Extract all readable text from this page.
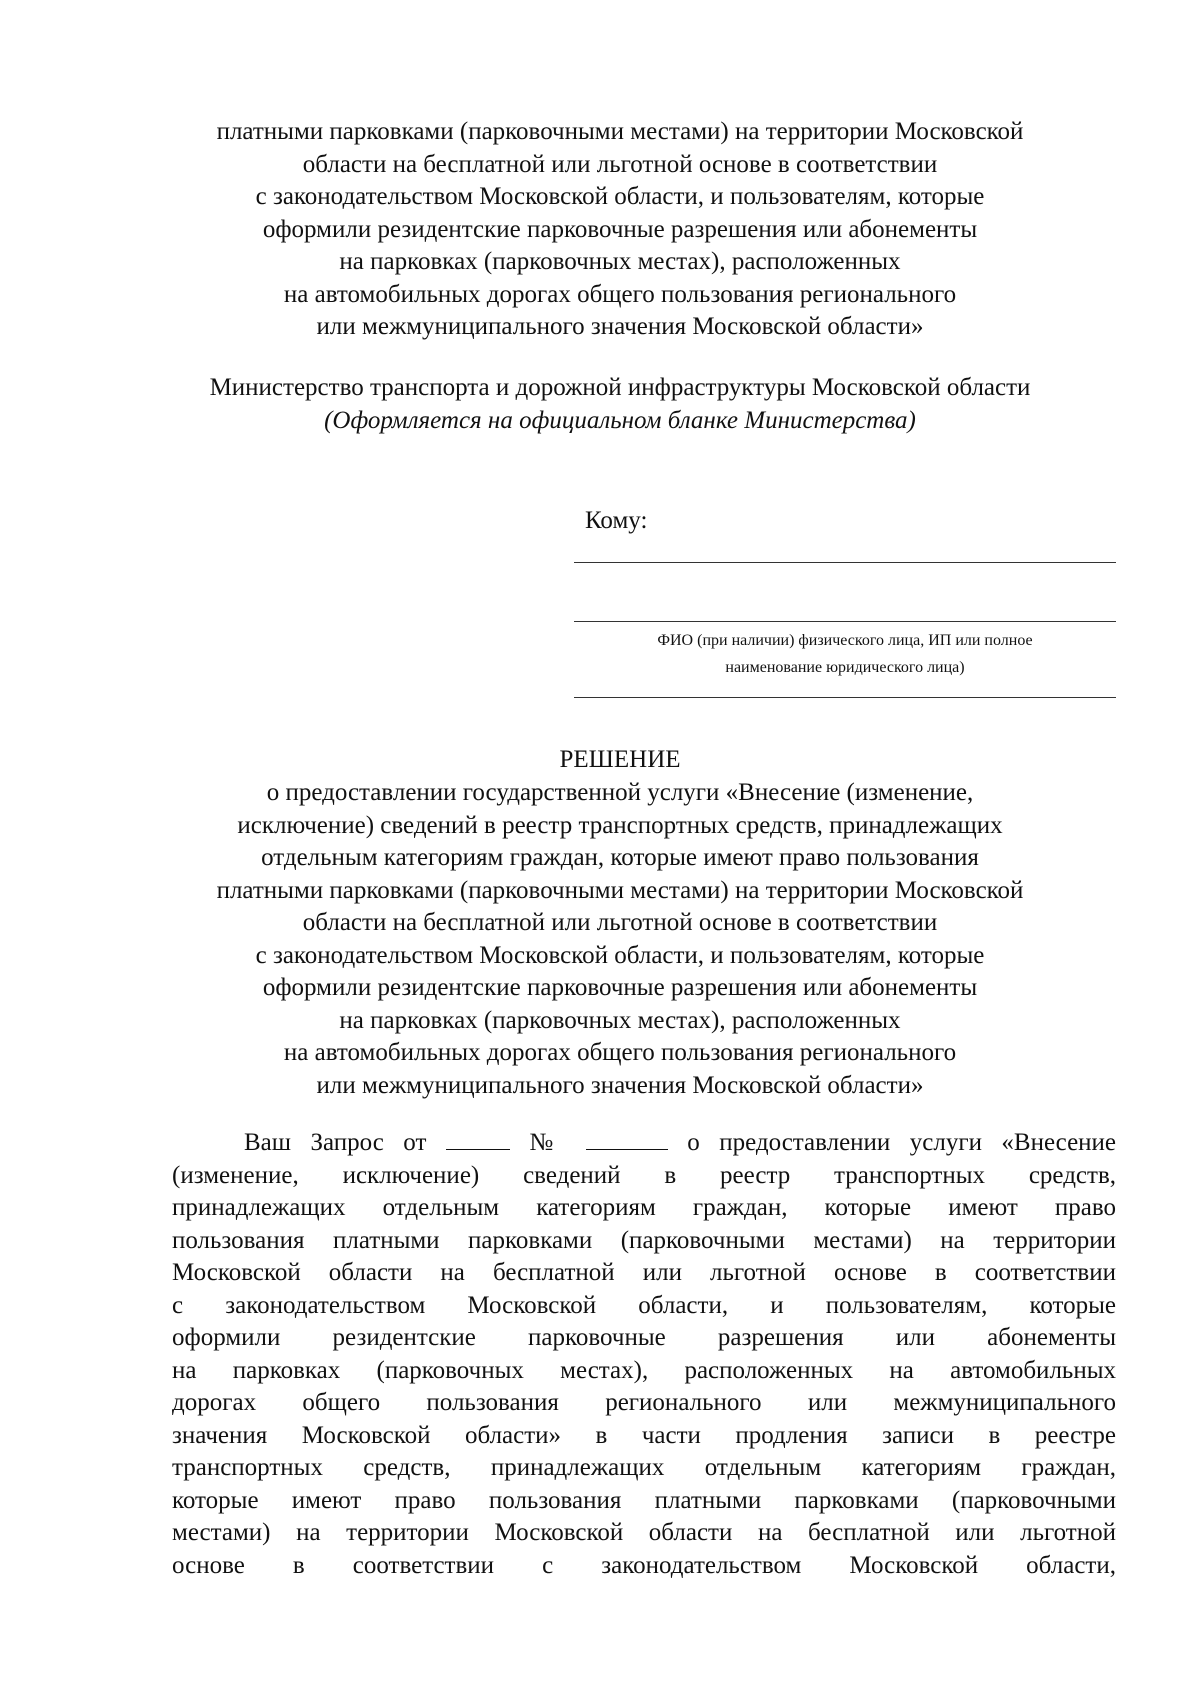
платными парковками (парковочными местами) на территории Московской
области на бесплатной или льготной основе в соответствии
с законодательством Московской области, и пользователям, которые
оформили резидентские парковочные разрешения или абонементы
на парковках (парковочных местах), расположенных
на автомобильных дорогах общего пользования регионального
или межмуниципального значения Московской области»
Министерство транспорта и дорожной инфраструктуры Московской области
(Оформляется на официальном бланке Министерства)
Кому:
ФИО (при наличии) физического лица, ИП или полное
наименование юридического лица)
РЕШЕНИЕ
о предоставлении государственной услуги «Внесение (изменение,
исключение) сведений в реестр транспортных средств, принадлежащих
отдельным категориям граждан, которые имеют право пользования
платными парковками (парковочными местами) на территории Московской
области на бесплатной или льготной основе в соответствии
с законодательством Московской области, и пользователям, которые
оформили резидентские парковочные разрешения или абонементы
на парковках (парковочных местах), расположенных
на автомобильных дорогах общего пользования регионального
или межмуниципального значения Московской области»
Ваш Запрос от	№	о предоставлении услуги «Внесение
(изменение, исключение) сведений в реестр транспортных средств,
принадлежащих отдельным категориям граждан, которые имеют право
пользования платными парковками (парковочными местами) на территории
Московской области на бесплатной или льготной основе в соответствии
с законодательством Московской области, и пользователям, которые
оформили резидентские парковочные разрешения или абонементы
на парковках (парковочных местах), расположенных на автомобильных
дорогах общего пользования регионального или межмуниципального
значения Московской области» в части продления записи в реестре
транспортных средств, принадлежащих отдельным категориям граждан,
которые имеют право пользования платными парковками (парковочными
местами) на территории Московской области на бесплатной или льготной
основе в соответствии с законодательством Московской области,
